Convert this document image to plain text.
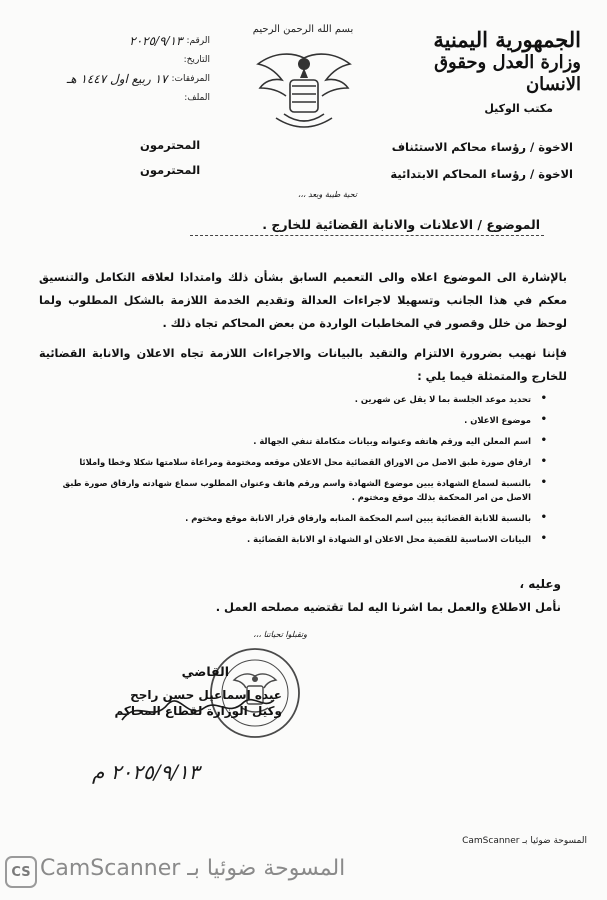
الجمهورية اليمنية
وزارة العدل وحقوق الانسان
مكتب الوكيل
بسم الله الرحمن الرحيم
الرقم:
٢٠٢٥/٩/١٣
التاريخ:
المرفقات:
١٧ ربيع اول ١٤٤٧ هـ
الملف:
الاخوة / رؤساء محاكم الاستئناف
المحترمون
الاخوة / رؤساء المحاكم الابتدائية
المحترمون
تحية طيبة وبعد ،،،
الموضوع / الاعلانات والانابة القضائية للخارج .
بالإشارة الى الموضوع اعلاه والى التعميم السابق بشأن ذلك وامتدادا لعلاقه التكامل والتنسيق معكم في هذا الجانب وتسهيلا لاجراءات العدالة وتقديم الخدمة اللازمة بالشكل المطلوب ولما لوحظ من خلل وقصور في المخاطبات الواردة من بعض المحاكم تجاه ذلك .
فإننا نهيب بضرورة الالتزام والتقيد بالبيانات والاجراءات اللازمة تجاه الاعلان والانابة القضائية للخارج والمتمثلة فيما يلي :
• تحديد موعد الجلسة بما لا يقل عن شهرين .
• موضوع الاعلان .
• اسم المعلن اليه ورقم هاتفه وعنوانه وبيانات متكاملة تنفي الجهالة .
• ارفاق صورة طبق الاصل من الاوراق القضائية محل الاعلان موقعه ومختومة ومراعاة سلامتها شكلا وخطا واملائا
• بالنسبة لسماع الشهادة يبين موضوع الشهادة واسم ورقم هاتف وعنوان المطلوب سماع شهادته وارفاق صورة طبق الاصل من امر المحكمة بذلك موقع ومختوم .
• بالنسبة للانابة القضائية يبين اسم المحكمة المنابه وارفاق قرار الانابة موقع ومختوم .
• البيانات الاساسية للقضية محل الاعلان او الشهادة او الانابة القضائية .
وعليه ،
نأمل الاطلاع والعمل بما اشرنا اليه لما تقتضيه مصلحه العمل .
وتقبلوا تحياتنا ،،،
القاضي
عبده اسماعيل حسن راجح
وكيل الوزارة لقطاع المحاكم
٢٠٢٥/٩/١٣ م
المسوحة ضوئيا بـ CamScanner
CS المسوحة ضوئيا بـ CamScanner
